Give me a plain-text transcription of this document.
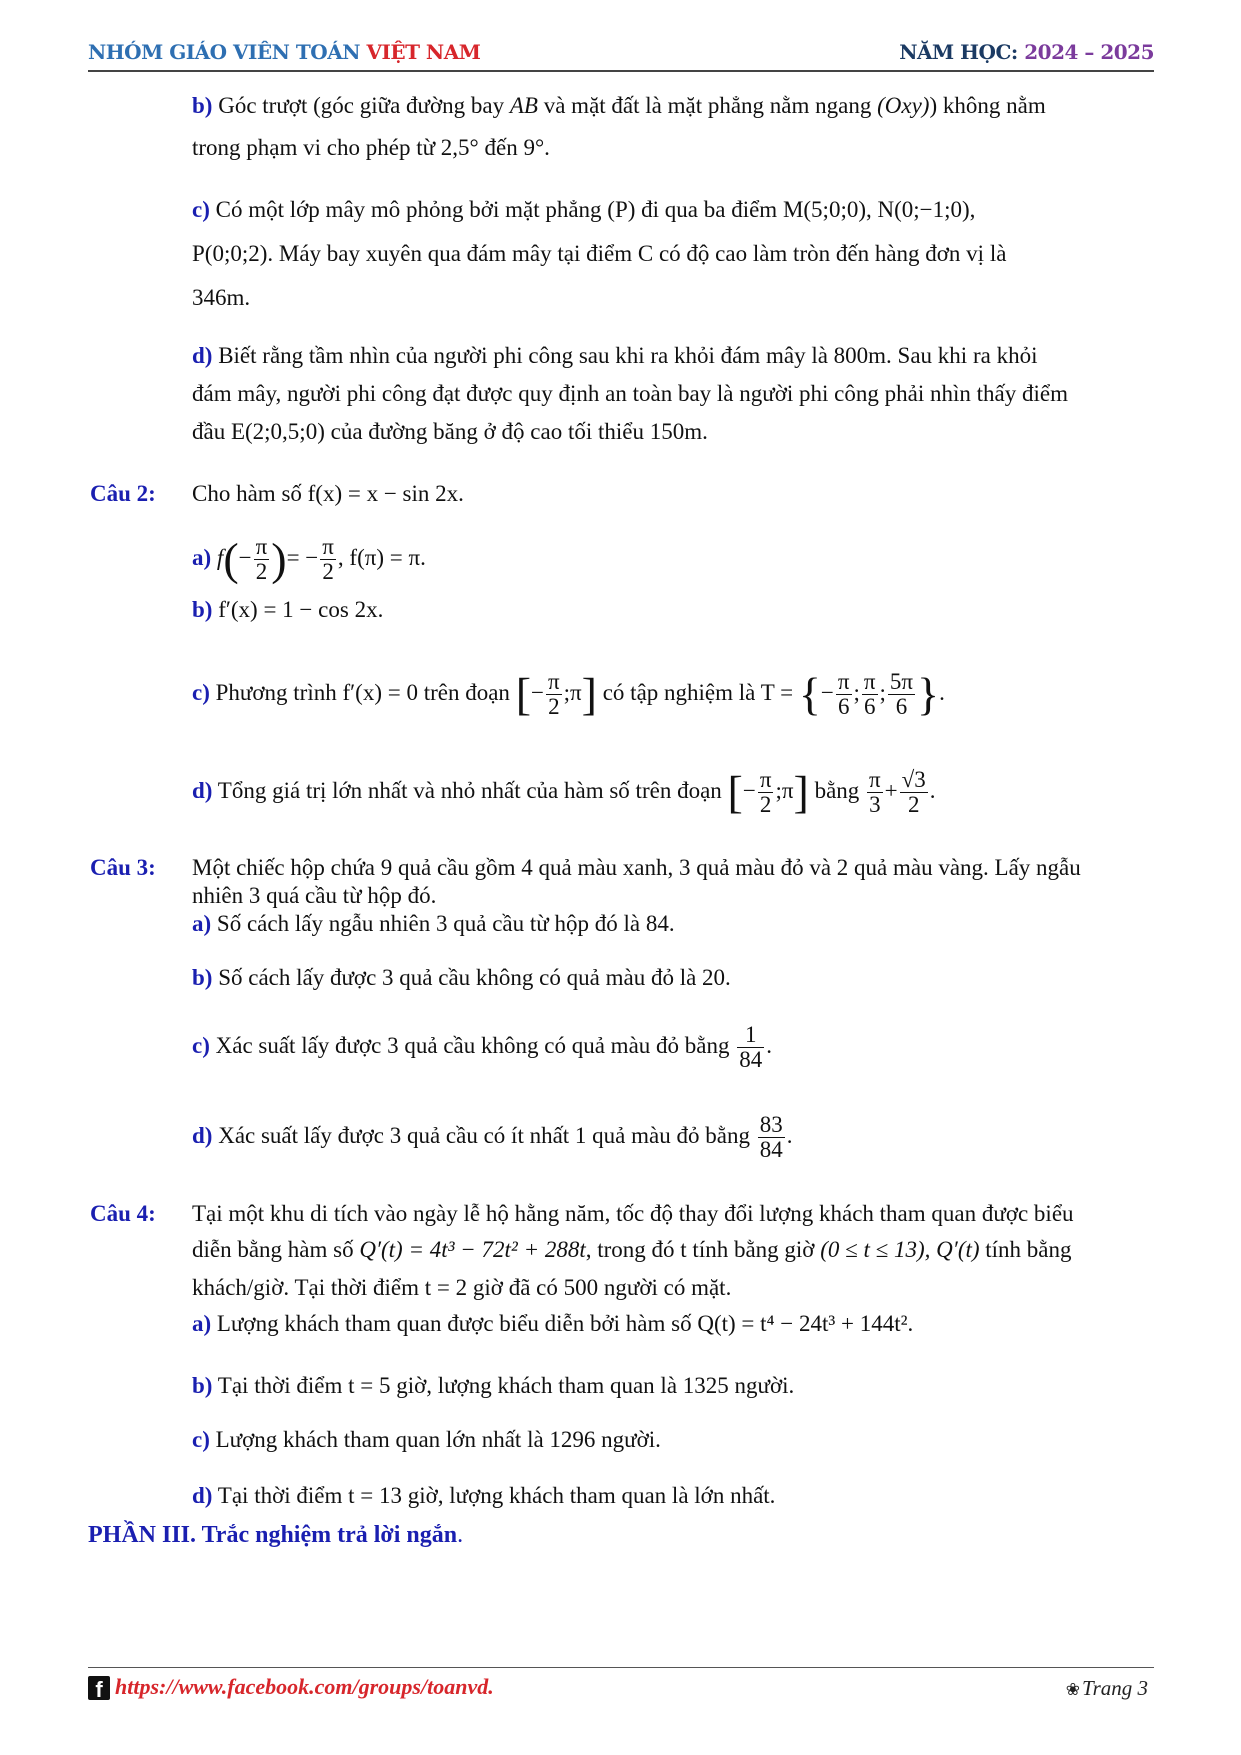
NHÓM GIÁO VIÊN TOÁN VIỆT NAM	NĂM HỌC: 2024 – 2025
b) Góc trượt (góc giữa đường bay AB và mặt đất là mặt phẳng nằm ngang (Oxy)) không nằm
trong phạm vi cho phép từ 2,5° đến 9°.
c) Có một lớp mây mô phỏng bởi mặt phẳng (P) đi qua ba điểm M(5;0;0), N(0;−1;0),
P(0;0;2). Máy bay xuyên qua đám mây tại điểm C có độ cao làm tròn đến hàng đơn vị là
346m.
d) Biết rằng tầm nhìn của người phi công sau khi ra khỏi đám mây là 800m. Sau khi ra khỏi
đám mây, người phi công đạt được quy định an toàn bay là người phi công phải nhìn thấy điểm
đầu E(2;0,5;0) của đường băng ở độ cao tối thiểu 150m.
Câu 2: Cho hàm số f(x) = x − sin 2x.
a) $f(- \frac{\pi}{2}$ )= − $\frac{\pi}{2}$ , f(π) = π.
b) f′(x) = 1 − cos 2x.
c) Phương trình f′(x) = 0 trên đoạn [− $\frac{\pi}{2}$ ;π] có tập nghiệm là T = {− $\frac{\pi}{6}$ ; $\frac{\pi}{6}$ ; $\frac{5\pi}{6}$ }.
d) Tổng giá trị lớn nhất và nhỏ nhất của hàm số trên đoạn [− $\frac{\pi}{2}$ ;π] bằng $\frac{\pi}{3} + \frac{√3}{2}$ .
Câu 3: Một chiếc hộp chứa 9 quả cầu gồm 4 quả màu xanh, 3 quả màu đỏ và 2 quả màu vàng. Lấy ngẫu
nhiên 3 quá cầu từ hộp đó.
a) Số cách lấy ngẫu nhiên 3 quả cầu từ hộp đó là 84.
b) Số cách lấy được 3 quả cầu không có quả màu đỏ là 20.
c) Xác suất lấy được 3 quả cầu không có quả màu đỏ bằng $\frac{1}{84}$ .
d) Xác suất lấy được 3 quả cầu có ít nhất 1 quả màu đỏ bằng $\frac{83}{84}$ .
Câu 4: Tại một khu di tích vào ngày lễ hộ hằng năm, tốc độ thay đổi lượng khách tham quan được biểu
diễn bằng hàm số Q′(t) = 4t³ − 72t² + 288t, trong đó t tính bằng giờ (0 ≤ t ≤ 13), Q′(t) tính bằng
khách/giờ. Tại thời điểm t = 2 giờ đã có 500 người có mặt.
a) Lượng khách tham quan được biểu diễn bởi hàm số Q(t) = t⁴ − 24t³ + 144t².
b) Tại thời điểm t = 5 giờ, lượng khách tham quan là 1325 người.
c) Lượng khách tham quan lớn nhất là 1296 người.
d) Tại thời điểm t = 13 giờ, lượng khách tham quan là lớn nhất.
PHẦN III. Trắc nghiệm trả lời ngắn.
f https://www.facebook.com/groups/toanvd.	❀Trang 3
